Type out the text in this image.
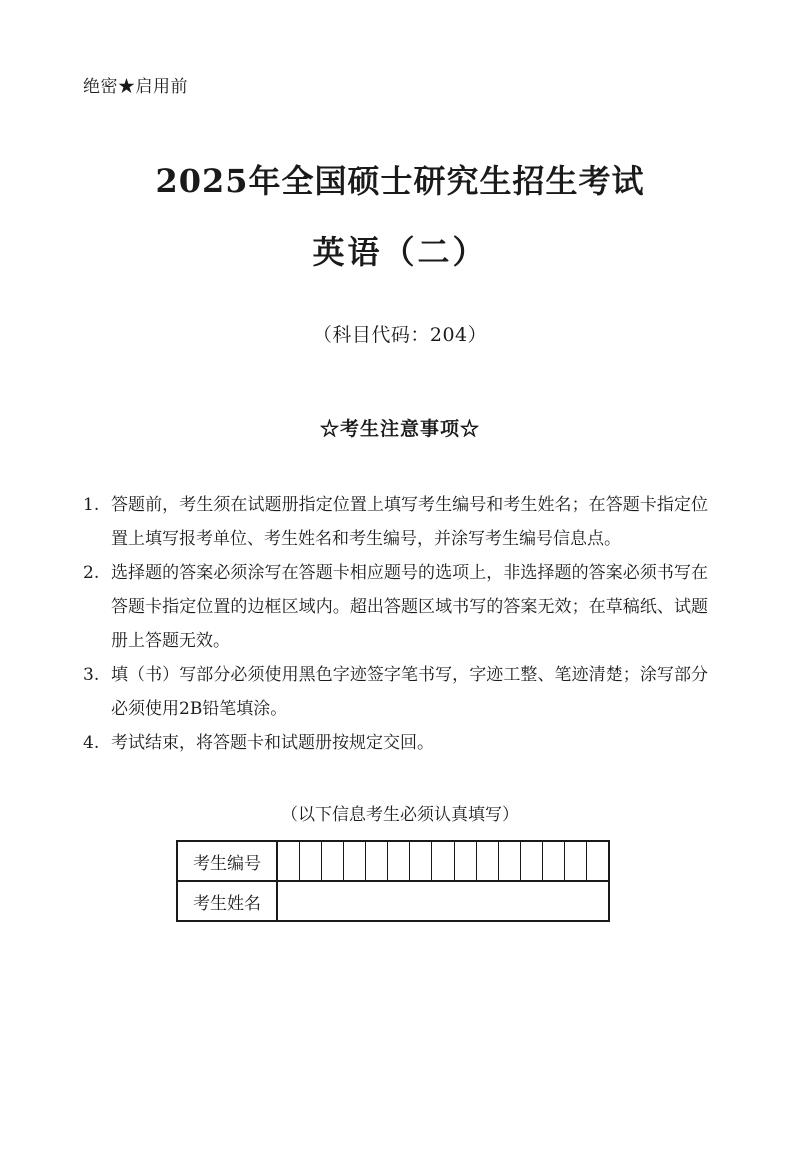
绝密★启用前
2025年全国硕士研究生招生考试
英语（二）
（科目代码：204）
☆考生注意事项☆
1. 答题前，考生须在试题册指定位置上填写考生编号和考生姓名；在答题卡指定位置上填写报考单位、考生姓名和考生编号，并涂写考生编号信息点。
2. 选择题的答案必须涂写在答题卡相应题号的选项上，非选择题的答案必须书写在答题卡指定位置的边框区域内。超出答题区域书写的答案无效；在草稿纸、试题册上答题无效。
3. 填（书）写部分必须使用黑色字迹签字笔书写，字迹工整、笔迹清楚；涂写部分必须使用2B铅笔填涂。
4. 考试结束，将答题卡和试题册按规定交回。
（以下信息考生必须认真填写）
考生编号	

考生姓名	
